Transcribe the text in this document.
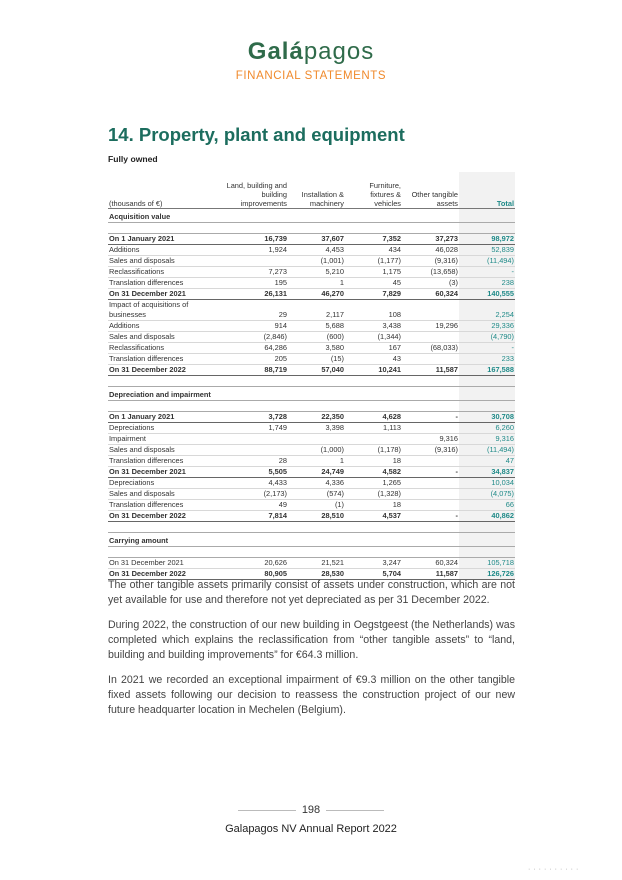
Galápagos
FINANCIAL STATEMENTS
14. Property, plant and equipment
Fully owned
(thousands of €)	Land, building and building improvements	Installation & machinery	Furniture, fixtures & vehicles	Other tangible assets	Total
Acquisition value					

On 1 January 2021	16,739	37,607	7,352	37,273	98,972
Additions	1,924	4,453	434	46,028	52,839
Sales and disposals		(1,001)	(1,177)	(9,316)	(11,494)
Reclassifications	7,273	5,210	1,175	(13,658)	-
Translation differences	195	1	45	(3)	238
On 31 December 2021	26,131	46,270	7,829	60,324	140,555
Impact of acquisitions of businesses	29	2,117	108		2,254
Additions	914	5,688	3,438	19,296	29,336
Sales and disposals	(2,846)	(600)	(1,344)		(4,790)
Reclassifications	64,286	3,580	167	(68,033)	-
Translation differences	205	(15)	43		233
On 31 December 2022	88,719	57,040	10,241	11,587	167,588

Depreciation and impairment					

On 1 January 2021	3,728	22,350	4,628	-	30,708
Depreciations	1,749	3,398	1,113		6,260
Impairment				9,316	9,316
Sales and disposals		(1,000)	(1,178)	(9,316)	(11,494)
Translation differences	28	1	18		47
On 31 December 2021	5,505	24,749	4,582	-	34,837
Depreciations	4,433	4,336	1,265		10,034
Sales and disposals	(2,173)	(574)	(1,328)		(4,075)
Translation differences	49	(1)	18		66
On 31 December 2022	7,814	28,510	4,537	-	40,862

Carrying amount					

On 31 December 2021	20,626	21,521	3,247	60,324	105,718
On 31 December 2022	80,905	28,530	5,704	11,587	126,726

The other tangible assets primarily consist of assets under construction, which are not yet available for use and therefore not yet depreciated as per 31 December 2022.

During 2022, the construction of our new building in Oegstgeest (the Netherlands) was completed which explains the reclassification from “other tangible assets” to “land, building and building improvements” for €64.3 million.

In 2021 we recorded an exceptional impairment of €9.3 million on the other tangible fixed assets following our decision to reassess the construction project of our new future headquarter location in Mechelen (Belgium).

198
Galapagos NV Annual Report 2022
··········
